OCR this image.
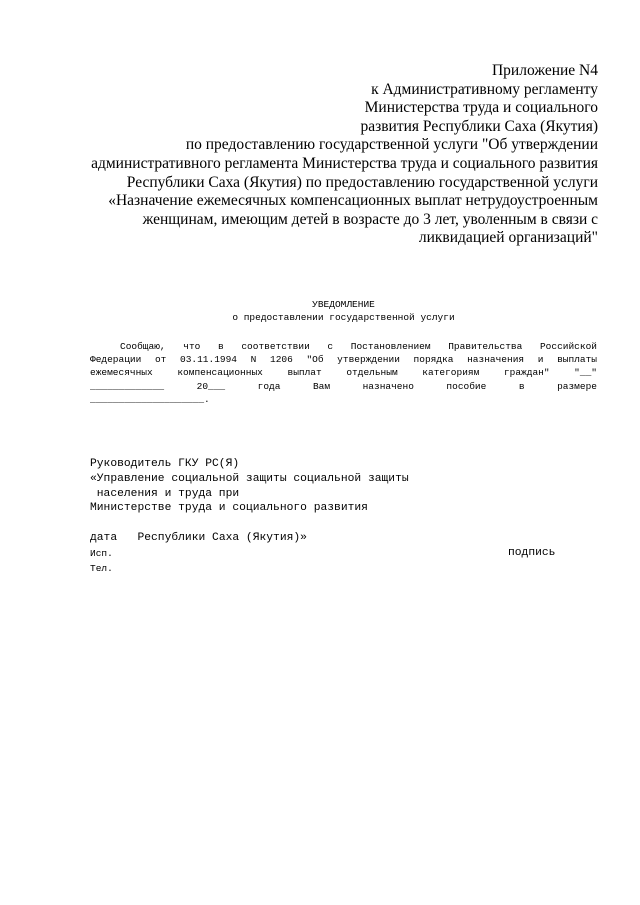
Приложение N4
к Административному регламенту
Министерства труда и социального
развития Республики Саха (Якутия)
по предоставлению государственной услуги "Об утверждении
административного регламента Министерства труда и социального развития
Республики Саха (Якутия) по предоставлению государственной услуги
«Назначение ежемесячных компенсационных выплат нетрудоустроенным
женщинам, имеющим детей в возрасте до 3 лет, уволенным в связи с
ликвидацией организаций"
УВЕДОМЛЕНИЕ
о предоставлении государственной услуги
Сообщаю, что в соответствии с Постановлением Правительства Российской
Федерации от 03.11.1994 N 1206 "Об утверждении порядка назначения и выплаты
ежемесячных компенсационных выплат отдельным категориям граждан" "__"
_____________ 20___ года Вам назначено пособие в размере
____________________.
Руководитель ГКУ РС(Я)
«Управление социальной защиты социальной защиты
населения и труда при
Министерстве труда и социального развития

Республики Саха (Якутия)»

подпись

дата
Исп.
Тел.
